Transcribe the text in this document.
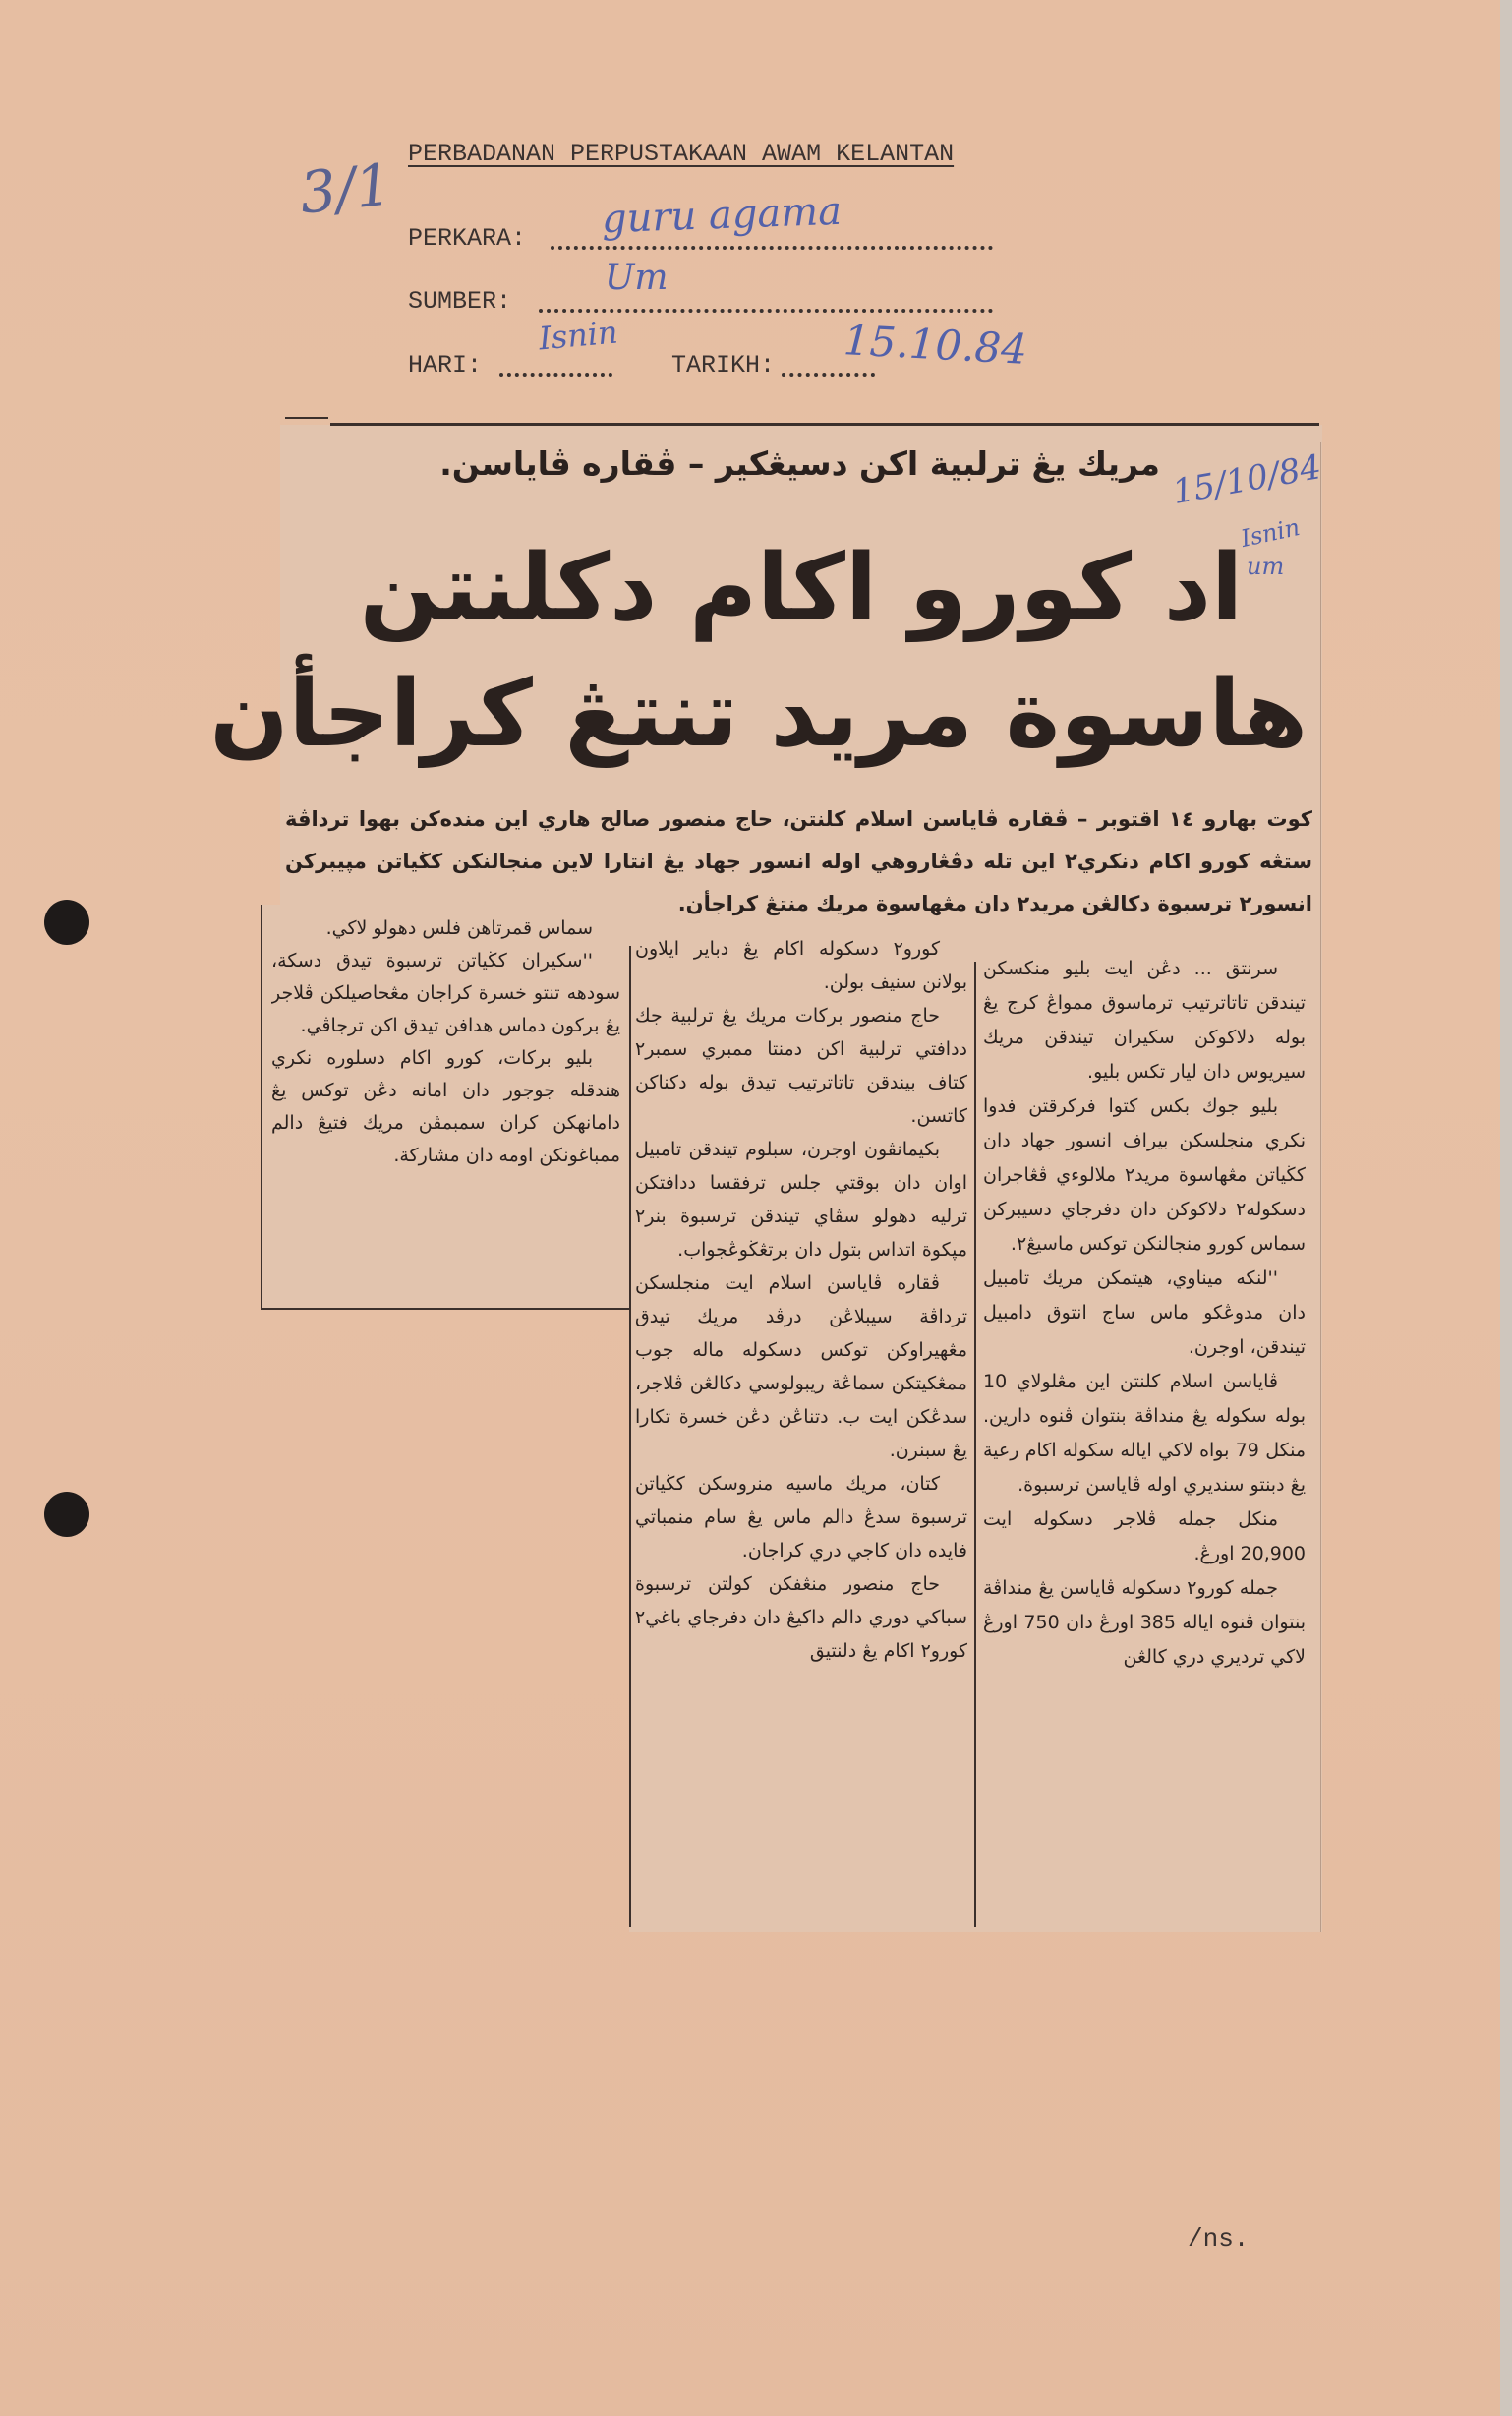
3/1 PERBADANAN PERPUSTAKAAN AWAM KELANTAN
PERKARA: guru agama
SUMBER:
Um
HARI:
Isnin
TARIKH: 15.10.84
15/10/84
Isnin
um
مريك يڠ ترلبية اكن دسيڠكير – ڤقاره ڤاياسن.
اد كورو اكام دكلنتن
هاسوة مريد تنتڠ كراجأن
كوت بهارو ١٤ اقتوبر – ڤقاره ڤاياسن اسلام كلنتن، حاج منصور صالح هاري اين منده‌كن بهوا ترداڤة ستڠه كورو اكام دنكري٢ اين تله دڤڠاروهي اوله انسور جهاد يڠ انتارا لاين منجالنكن كڬياتن مڽيبركن انسور٢ ترسبوة دكالڠن مريد٢ دان مڠهاسوة مريك منتڠ كراجأن.

سرنتق ... دڠن ايت بليو منكسكن تيندقن تاتاترتيب ترماسوق ممواڠ كرج يڠ بوله دلاكوكن سكيران تيندقن مريك سيريوس دان ليار تكس بليو.

بليو جوك بكس كتوا فركرقتن فدوا نكري منجلسكن بيراف انسور جهاد دان كڬياتن مڠهاسوة مريد٢ ملالوءي ڤڠاجران دسكوله٢ دلاكوكن دان دفرجاي دسيبركن سماس كورو منجالنكن توكس ماسيڠ٢.

''لنكه ميناوي، هيتمكن مريك تامبيل دان مدوڠكو ماس ساج انتوق دامبيل تيندقن، اوجرن.

ڤاياسن اسلام كلنتن اين مڠلولاي 10 بوله سكوله يڠ منداڤة بنتوان ڤنوه دارين. منكل 79 بواه لاكي اياله سكوله اكام رعية يڠ دبنتو سنديري اوله ڤاياسن ترسبوة.

منكل جمله ڤلاجر دسكوله ايت 20,900 اورڠ.

جمله كورو٢ دسكوله ڤاياسن يڠ منداڤة بنتوان ڤنوه اياله 385 اورڠ دان 750 اورڠ لاكي ترديري دري كالڠن

كورو٢ دسكوله اكام يڠ دباير ايلاون بولانن سنيف بولن.

حاج منصور بركات مريك يڠ ترلبية جك ددافتي ترلبية اكن دمنتا ممبري سمبر٢ كتاف بيندقن تاتاترتيب تيدق بوله دكناكن كاتسن.

بكيمانڤون اوجرن، سبلوم تيندقن تامبيل اوان دان بوقتي جلس ترفقسا ددافتكن ترليه دهولو سڤاي تيندقن ترسبوة بنر٢ مڽكوة اتداس بتول دان برتڠڬوڠجواب.

ڤقاره ڤاياسن اسلام ايت منجلسكن ترداڤة سيبلاڠن درڤد مريك تيدق مڠهيراوكن توكس دسكوله ماله جوب ممڠكيتكن سماڠة ريبولوسي دكالڠن ڤلاجر، سدڠكن ايت ب. دتناڠن دڠن خسرة تكارا يڠ سبنرن.

كتان، مريك ماسيه منروسكن كڬياتن ترسبوة سدڠ دالم ماس يڠ سام منمباتي فايده دان كاجي دري كراجان.

حاج منصور منڠفكن كولتن ترسبوة سباكي دوري دالم داكيڠ دان دفرجاي باغي٢ كورو٢ اكام يڠ دلنتيق

سماس قمرتاهن فلس دهولو لاكي.

''سكيران كڬياتن ترسبوة تيدق دسكة، سودهه تنتو خسرة كراجان مڠحاصيلكن ڤلاجر يڠ بركون دماس هدافن تيدق اكن ترجاڤي.

بليو بركات، كورو اكام دسلوره نكري هندقله جوجور دان امانه دڠن توكس يڠ دامانهكن كران سمبمڤن مريك فتيڠ دالم ممباغونكن اومه دان مشاركة.

/ns.
